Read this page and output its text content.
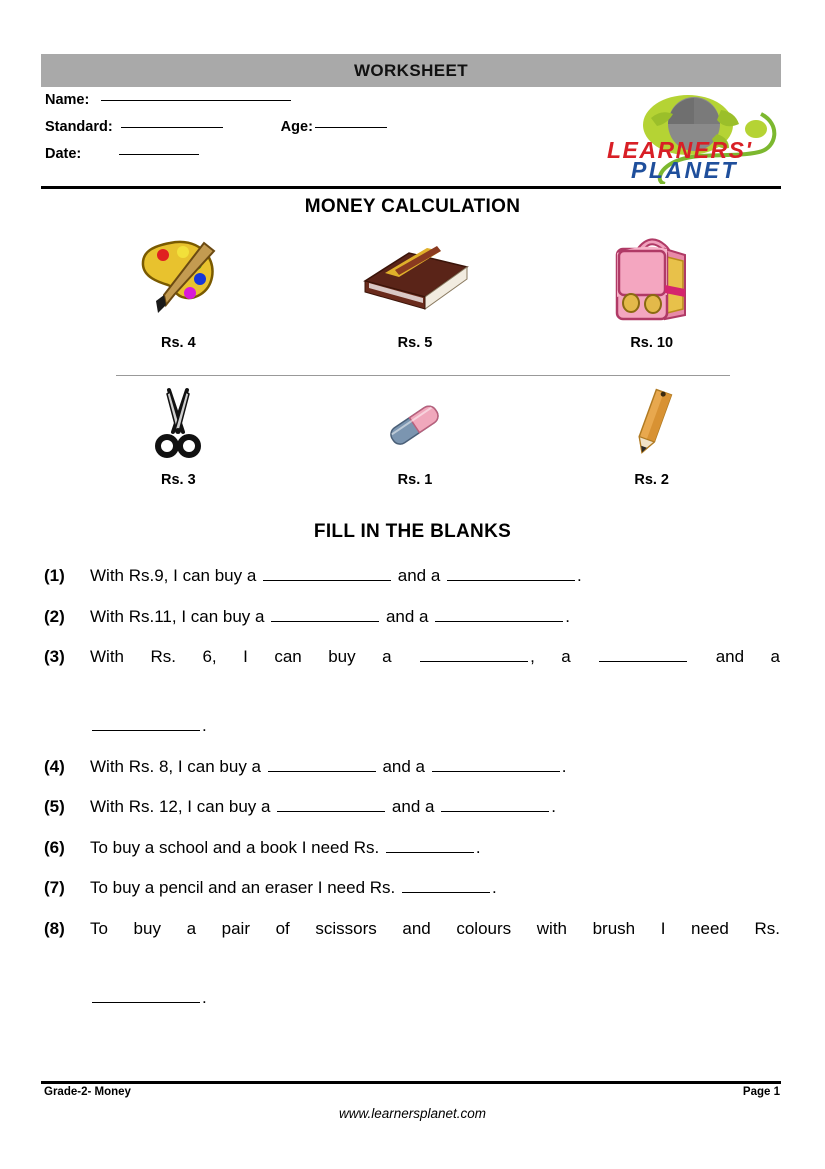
WORKSHEET
Name:
Standard:	Age:
Date:	LEARNERS'
PLANET
MONEY CALCULATION
Rs. 4	Rs. 5	Rs. 10
Rs. 3	Rs. 1	Rs. 2
FILL IN THE BLANKS
(1)	With Rs.9, I can buy a	and a	.
(2)	With Rs.11, I can buy a	and a	.
(3)	With Rs. 6, I can buy a	, a	and a
.
(4)	With Rs. 8, I can buy a	and a	.
(5)	With Rs. 12, I can buy a	and a	.
(6)	To buy a school and a book I need Rs.	.
(7)	To buy a pencil and an eraser I need Rs.	.
(8)	To buy a pair of scissors and colours with brush I need Rs.
.
Grade-2- Money	Page 1
www.learnersplanet.com
